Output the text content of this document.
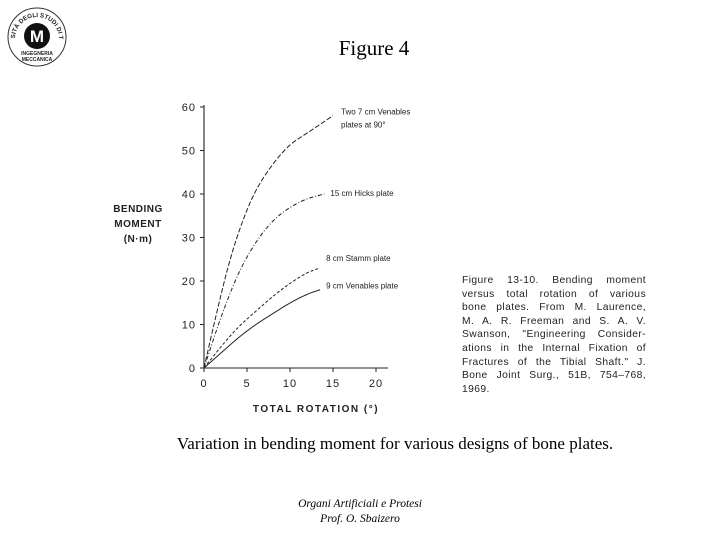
SITÀ DEGLI STUDI DI T
M
INGEGNERIA
MECCANICA	Figure 4
0
10
20
30
40
50
60
0	5	10	15	20
Two 7 cm Venables
plates at 90°
15 cm Hicks plate
8 cm Stamm plate
9 cm Venables plate
BENDING
MOMENT
(N·m)
TOTAL ROTATION (°)
Figure 13-10. Bending moment
versus total rotation of various
bone plates. From M. Laurence,
M. A. R. Freeman and S. A. V.
Swanson, "Engineering Consider-
ations in the Internal Fixation of
Fractures of the Tibial Shaft." J.
Bone Joint Surg., 51B, 754–768,
1969.
Variation in bending moment for various designs of bone plates.
Organi Artificiali e Protesi
Prof. O. Sbaizero
